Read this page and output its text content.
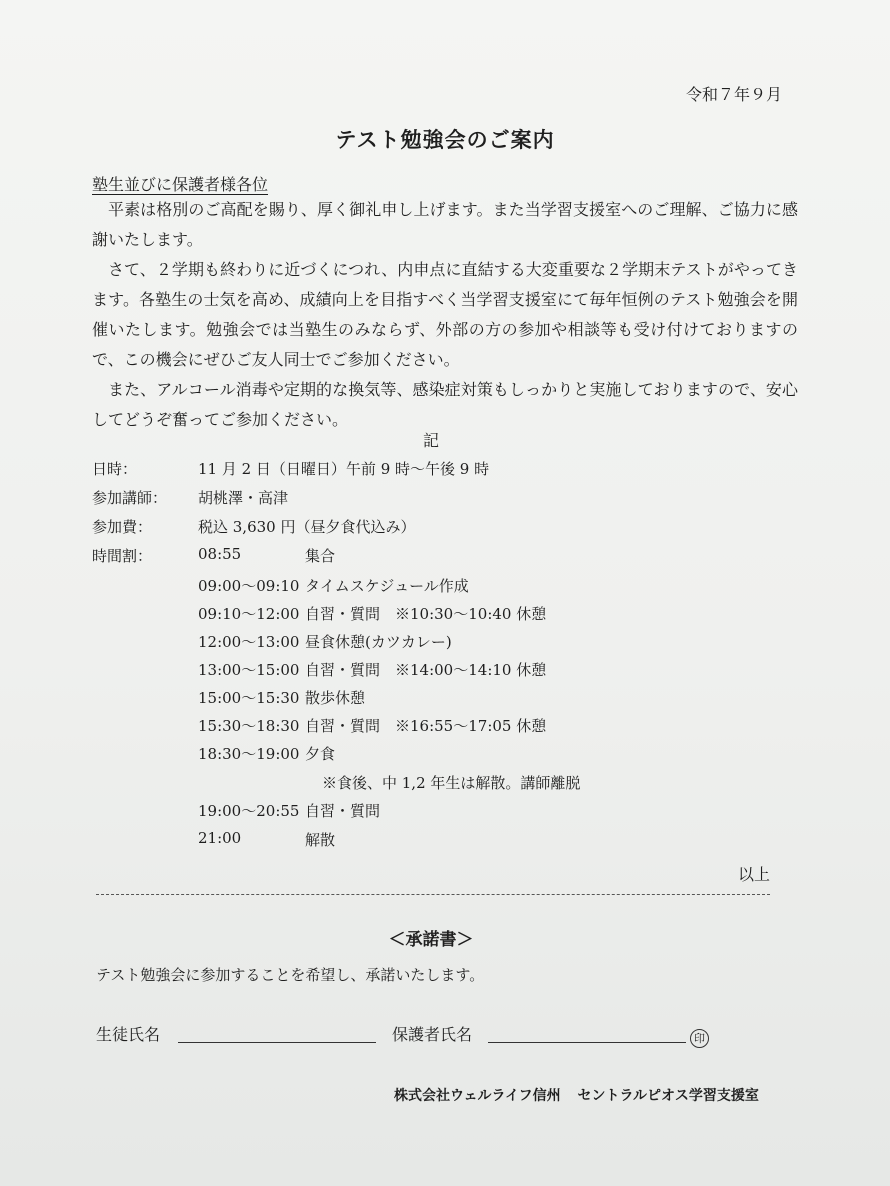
令和７年９月
テスト勉強会のご案内
塾生並びに保護者様各位

平素は格別のご高配を賜り、厚く御礼申し上げます。また当学習支援室へのご理解、ご協力に感謝いたします。

さて、２学期も終わりに近づくにつれ、内申点に直結する大変重要な２学期末テストがやってきます。各塾生の士気を高め、成績向上を目指すべく当学習支援室にて毎年恒例のテスト勉強会を開催いたします。勉強会では当塾生のみならず、外部の方の参加や相談等も受け付けておりますので、この機会にぜひご友人同士でご参加ください。

また、アルコール消毒や定期的な換気等、感染症対策もしっかりと実施しておりますので、安心してどうぞ奮ってご参加ください。

記
日時：	11 月 2 日（日曜日）午前 9 時～午後 9 時
参加講師： 胡桃澤・高津
参加費：	税込 3,630 円（昼夕食代込み）
時間割：	08:55	集合
09:00～09:10 タイムスケジュール作成
09:10～12:00 自習・質問　※10:30～10:40 休憩
12:00～13:00 昼食休憩(カツカレー)
13:00～15:00 自習・質問　※14:00～14:10 休憩
15:00～15:30 散歩休憩
15:30～18:30 自習・質問　※16:55～17:05 休憩
18:30～19:00 夕食
※食後、中 1,2 年生は解散。講師離脱
19:00～20:55 自習・質問
21:00	解散
以上
＜承諾書＞
テスト勉強会に参加することを希望し、承諾いたします。
生徒氏名	保護者氏名	印
株式会社ウェルライフ信州 セントラルピオス学習支援室
